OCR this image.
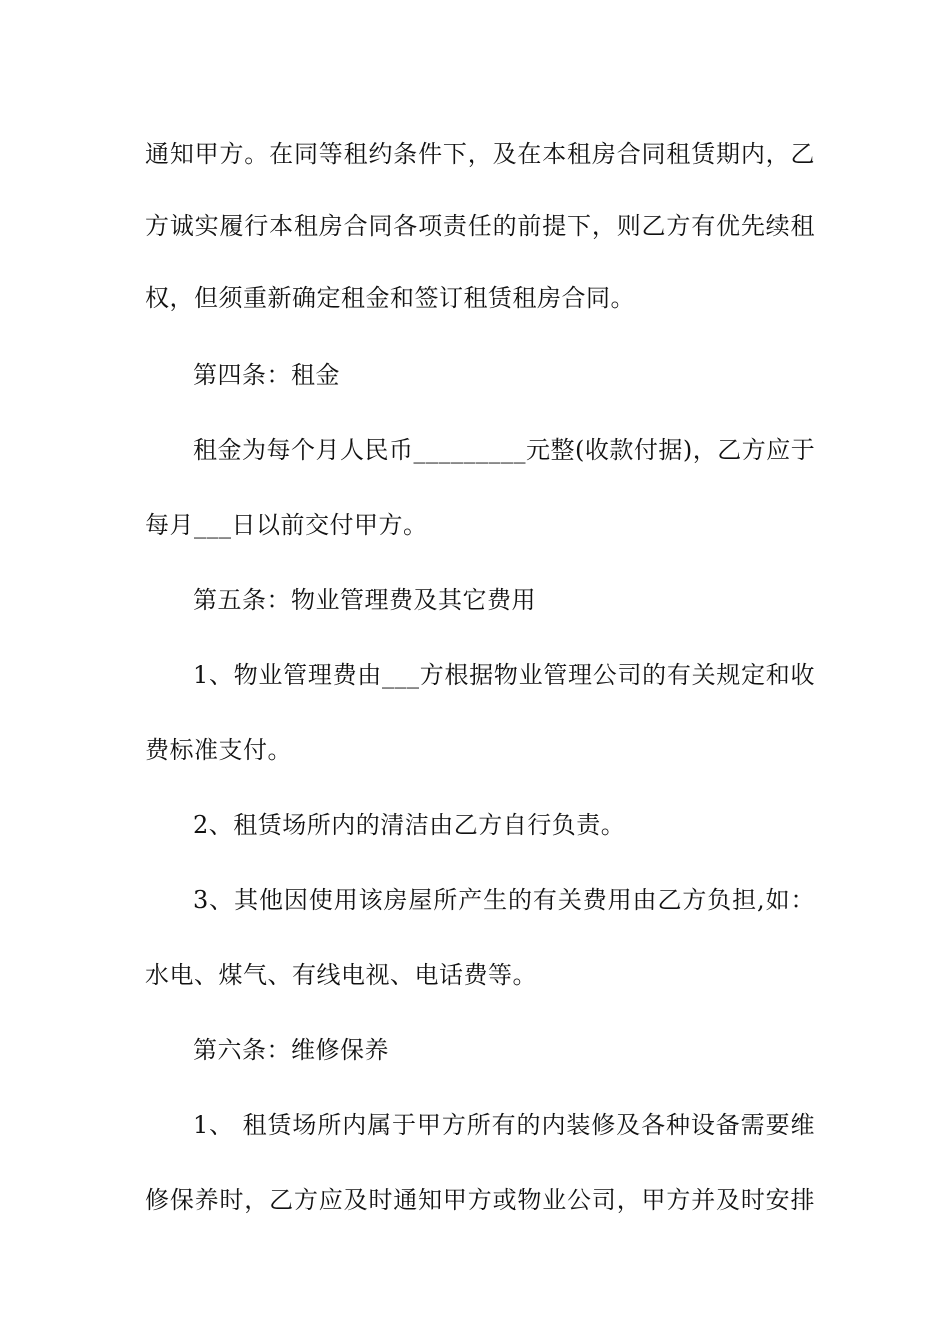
通知甲方。在同等租约条件下，及在本租房合同租赁期内，乙
方诚实履行本租房合同各项责任的前提下，则乙方有优先续租
权，但须重新确定租金和签订租赁租房合同。
第四条：租金
租金为每个月人民币_________元整(收款付据)，乙方应于
每月___日以前交付甲方。
第五条：物业管理费及其它费用
1、物业管理费由___方根据物业管理公司的有关规定和收
费标准支付。
2、租赁场所内的清洁由乙方自行负责。
3、其他因使用该房屋所产生的有关费用由乙方负担,如：
水电、煤气、有线电视、电话费等。
第六条：维修保养
1、 租赁场所内属于甲方所有的内装修及各种设备需要维
修保养时，乙方应及时通知甲方或物业公司，甲方并及时安排
